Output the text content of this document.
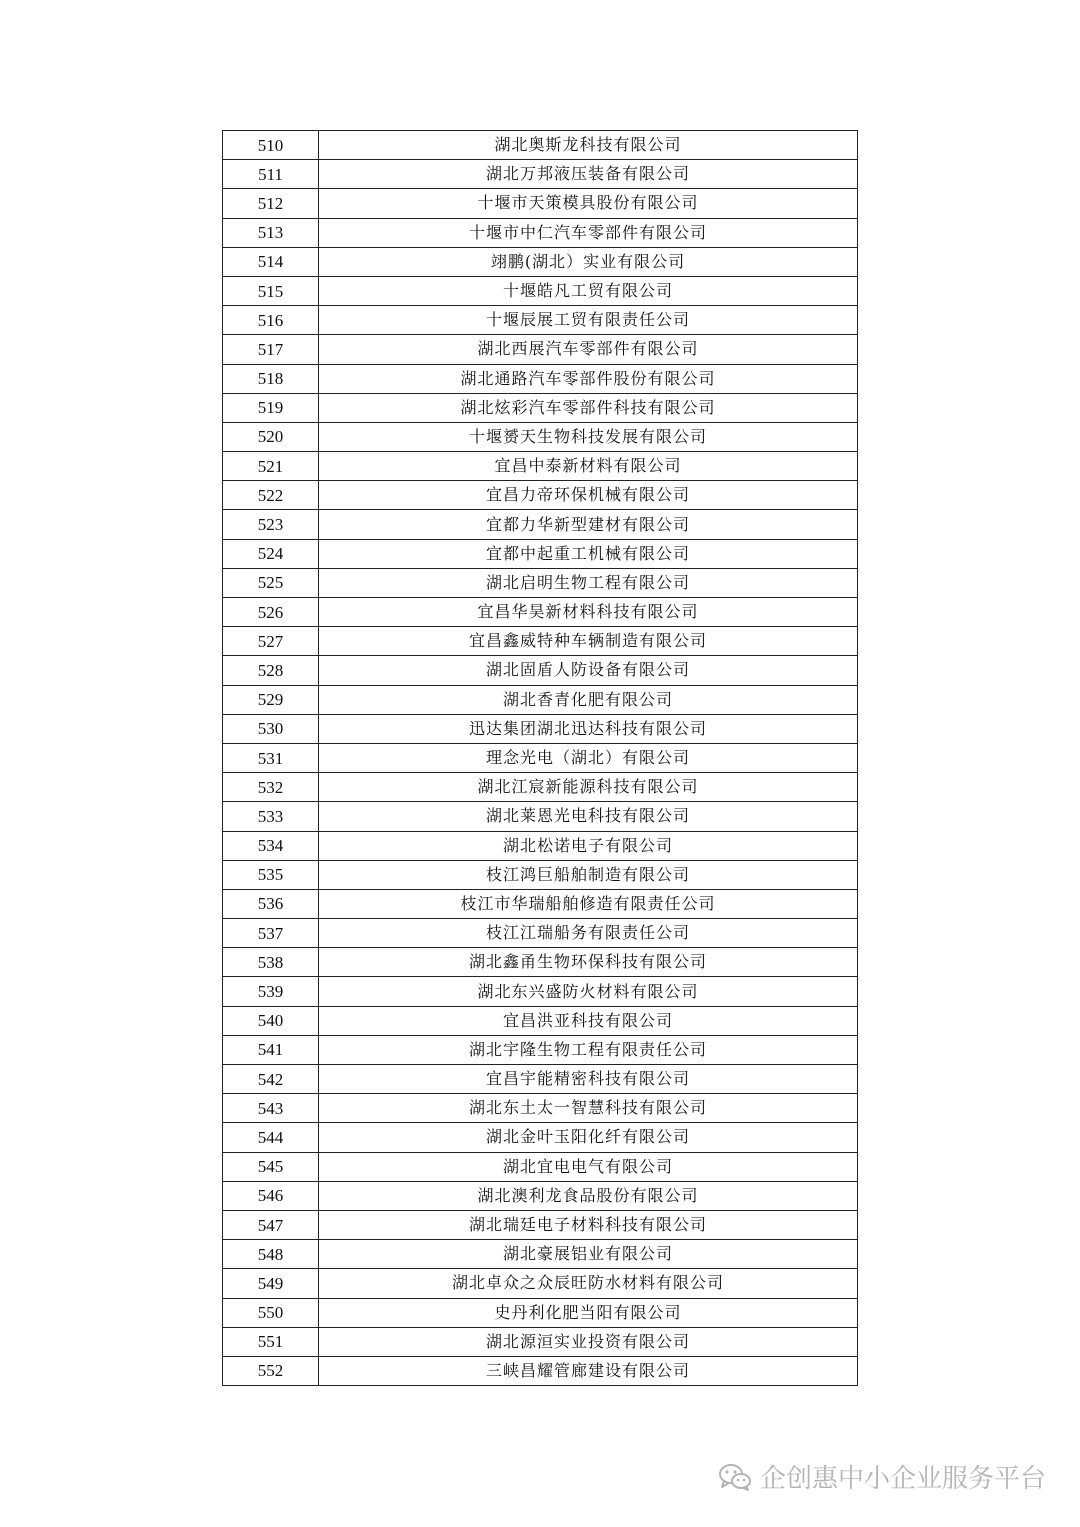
510	湖北奥斯龙科技有限公司
511	湖北万邦液压装备有限公司
512	十堰市天策模具股份有限公司
513	十堰市中仁汽车零部件有限公司
514	翊鹏(湖北）实业有限公司
515	十堰皓凡工贸有限公司
516	十堰辰展工贸有限责任公司
517	湖北西展汽车零部件有限公司
518	湖北通路汽车零部件股份有限公司
519	湖北炫彩汽车零部件科技有限公司
520	十堰赟天生物科技发展有限公司
521	宜昌中泰新材料有限公司
522	宜昌力帝环保机械有限公司
523	宜都力华新型建材有限公司
524	宜都中起重工机械有限公司
525	湖北启明生物工程有限公司
526	宜昌华昊新材料科技有限公司
527	宜昌鑫威特种车辆制造有限公司
528	湖北固盾人防设备有限公司
529	湖北香青化肥有限公司
530	迅达集团湖北迅达科技有限公司
531	理念光电（湖北）有限公司
532	湖北江宸新能源科技有限公司
533	湖北莱恩光电科技有限公司
534	湖北松诺电子有限公司
535	枝江鸿巨船舶制造有限公司
536	枝江市华瑞船舶修造有限责任公司
537	枝江江瑞船务有限责任公司
538	湖北鑫甬生物环保科技有限公司
539	湖北东兴盛防火材料有限公司
540	宜昌洪亚科技有限公司
541	湖北宇隆生物工程有限责任公司
542	宜昌宇能精密科技有限公司
543	湖北东土太一智慧科技有限公司
544	湖北金叶玉阳化纤有限公司
545	湖北宜电电气有限公司
546	湖北澳利龙食品股份有限公司
547	湖北瑞廷电子材料科技有限公司
548	湖北豪展铝业有限公司
549	湖北卓众之众辰旺防水材料有限公司
550	史丹利化肥当阳有限公司
551	湖北源洹实业投资有限公司
552	三峡昌耀管廊建设有限公司
企创惠中小企业服务平台
